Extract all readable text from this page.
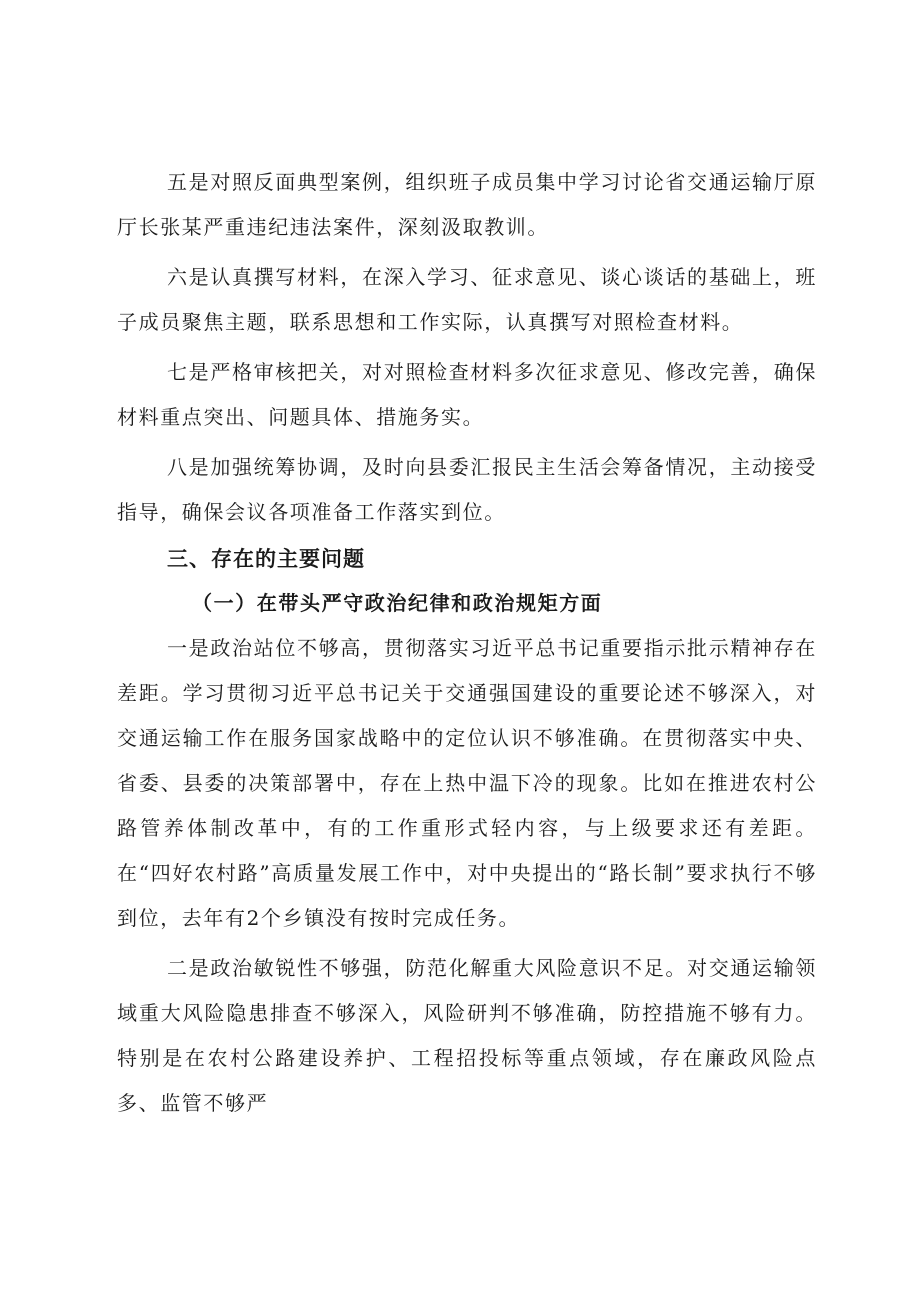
五是对照反面典型案例，组织班子成员集中学习讨论省交通运输厅原厅长张某严重违纪违法案件，深刻汲取教训。

六是认真撰写材料，在深入学习、征求意见、谈心谈话的基础上，班子成员聚焦主题，联系思想和工作实际，认真撰写对照检查材料。

七是严格审核把关，对对照检查材料多次征求意见、修改完善，确保材料重点突出、问题具体、措施务实。

八是加强统筹协调，及时向县委汇报民主生活会筹备情况，主动接受指导，确保会议各项准备工作落实到位。

三、存在的主要问题
（一）在带头严守政治纪律和政治规矩方面

一是政治站位不够高，贯彻落实习近平总书记重要指示批示精神存在差距。学习贯彻习近平总书记关于交通强国建设的重要论述不够深入，对交通运输工作在服务国家战略中的定位认识不够准确。在贯彻落实中央、省委、县委的决策部署中，存在上热中温下冷的现象。比如在推进农村公路管养体制改革中，有的工作重形式轻内容，与上级要求还有差距。在“四好农村路”高质量发展工作中，对中央提出的“路长制”要求执行不够到位，去年有2个乡镇没有按时完成任务。

二是政治敏锐性不够强，防范化解重大风险意识不足。对交通运输领域重大风险隐患排查不够深入，风险研判不够准确，防控措施不够有力。特别是在农村公路建设养护、工程招投标等重点领域，存在廉政风险点多、监管不够严
